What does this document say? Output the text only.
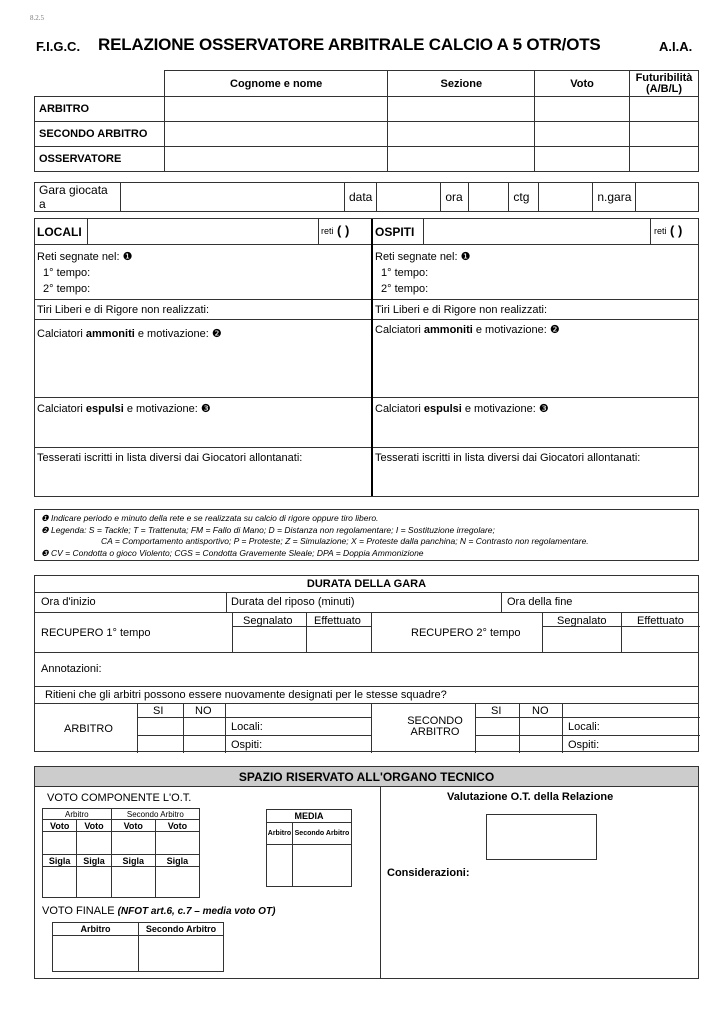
8.2.5
F.I.G.C. RELAZIONE OSSERVATORE ARBITRALE CALCIO A 5 OTR/OTS	A.I.A.
	Cognome e nome	Sezione	Voto	Futuribilità (A/B/L)
ARBITRO				
SECONDO ARBITRO				
OSSERVATORE				
Gara giocata a		data		ora		ctg		n.gara	
LOCALI	reti ( )
Reti segnate nel: ❶
1° tempo:
2° tempo:
Tiri Liberi e di Rigore non realizzati:
Calciatori ammoniti e motivazione: ❷
Calciatori espulsi e motivazione: ❸
Tesserati iscritti in lista diversi dai Giocatori allontanati:
OSPITI	reti ( )
Reti segnate nel: ❶
1° tempo:
2° tempo:
Tiri Liberi e di Rigore non realizzati:
Calciatori ammoniti e motivazione: ❷
Calciatori espulsi e motivazione: ❸
Tesserati iscritti in lista diversi dai Giocatori allontanati:
❶ Indicare periodo e minuto della rete e se realizzata su calcio di rigore oppure tiro libero.
❷ Legenda: S = Tackle; T = Trattenuta; FM = Fallo di Mano; D = Distanza non regolamentare; I = Sostituzione irregolare;
CA = Comportamento antisportivo; P = Proteste; Z = Simulazione; X = Proteste dalla panchina; N = Contrasto non regolamentare.
❸ CV = Condotta o gioco Violento; CGS = Condotta Gravemente Sleale; DPA = Doppia Ammonizione
DURATA DELLA GARA
Ora d'inizio	Durata del riposo (minuti)	Ora della fine
RECUPERO 1° tempo
Segnalato Effettuato
RECUPERO 2° tempo
Segnalato	Effettuato
Annotazioni:
Ritieni che gli arbitri possono essere nuovamente designati per le stesse squadre?
ARBITRO
SI	NO
Locali:
Ospiti:
SECONDO ARBITRO
SI	NO
Locali:
Ospiti:
SPAZIO RISERVATO ALL'ORGANO TECNICO
VOTO COMPONENTE L'O.T.
Arbitro		Secondo Arbitro	
Voto	Voto	Voto	Voto

Sigla	Sigla	Sigla	Sigla

MEDIA	
Arbitro	Secondo Arbitro

VOTO FINALE (NFOT art.6, c.7 – media voto OT)
Arbitro	Secondo Arbitro

Valutazione O.T. della Relazione
Considerazioni:
